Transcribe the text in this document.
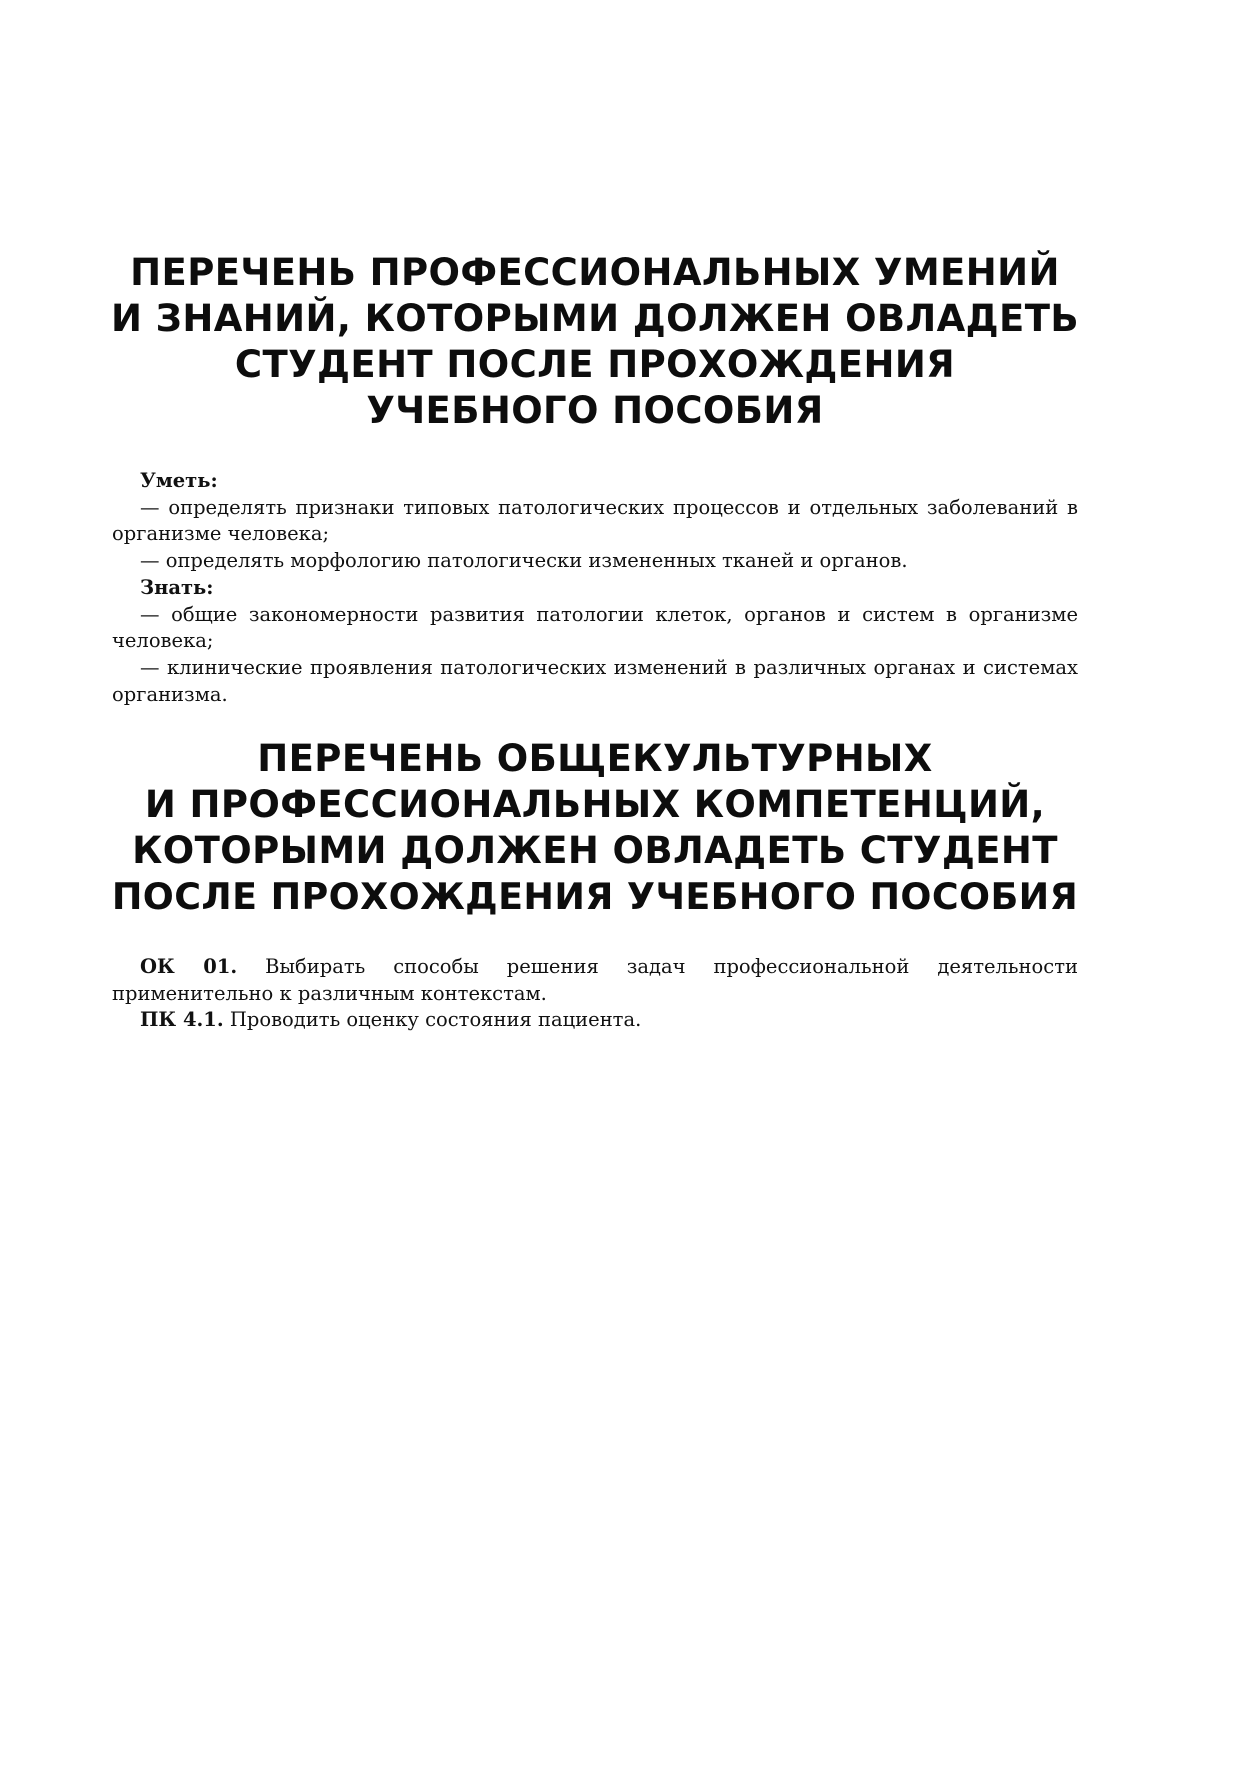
ПЕРЕЧЕНЬ ПРОФЕССИОНАЛЬНЫХ УМЕНИЙ
И ЗНАНИЙ, КОТОРЫМИ ДОЛЖЕН ОВЛАДЕТЬ
СТУДЕНТ ПОСЛЕ ПРОХОЖДЕНИЯ
УЧЕБНОГО ПОСОБИЯ

Уметь:

— определять признаки типовых патологических процессов и отдельных заболеваний в организме человека;

— определять морфологию патологически измененных тканей и органов.

Знать:

— общие закономерности развития патологии клеток, органов и систем в организме человека;

— клинические проявления патологических изменений в различных органах и системах организма.

ПЕРЕЧЕНЬ ОБЩЕКУЛЬТУРНЫХ
И ПРОФЕССИОНАЛЬНЫХ КОМПЕТЕНЦИЙ,
КОТОРЫМИ ДОЛЖЕН ОВЛАДЕТЬ СТУДЕНТ
ПОСЛЕ ПРОХОЖДЕНИЯ УЧЕБНОГО ПОСОБИЯ

ОК 01. Выбирать способы решения задач профессиональной деятельности применительно к различным контекстам.

ПК 4.1. Проводить оценку состояния пациента.
